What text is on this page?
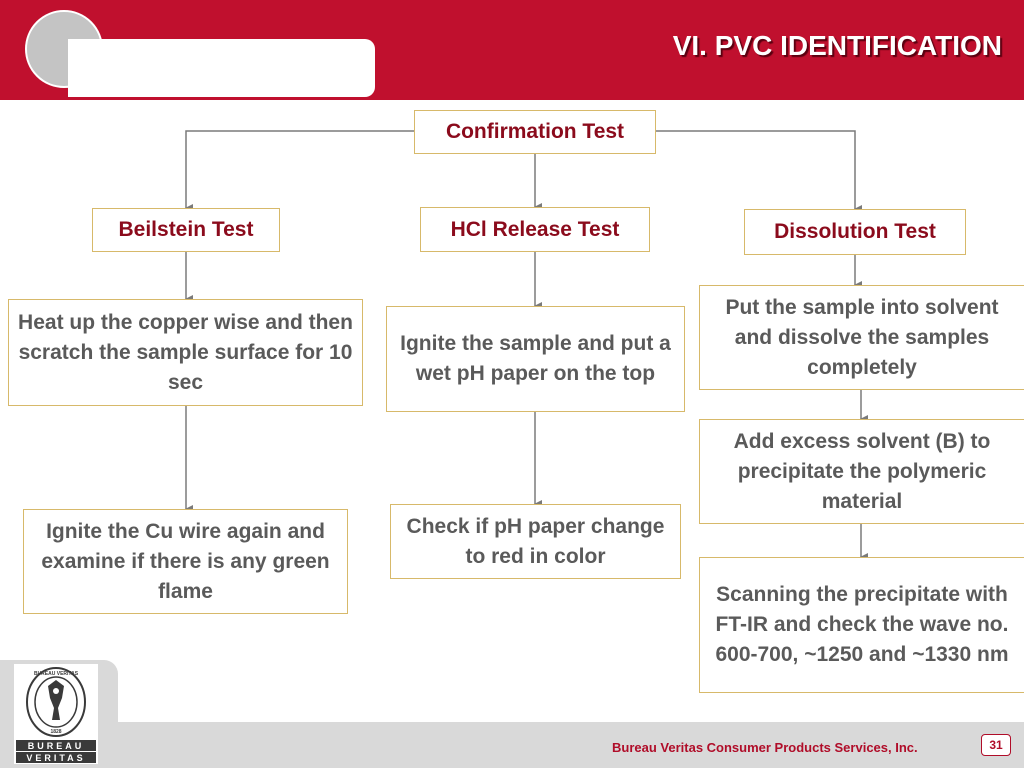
VI. PVC IDENTIFICATION
Confirmation Test
Beilstein Test	HCl Release Test	Dissolution Test
Heat up the copper wise and then scratch the sample surface for 10 sec
Ignite the Cu wire again and examine if there is any green flame
Ignite the sample and put a wet pH paper on the top
Check if pH paper change to red in color
Put the sample into solvent and dissolve the samples completely
Add excess solvent (B) to precipitate the polymeric material
Scanning the precipitate with FT-IR and check the wave no. 600-700, ~1250 and ~1330 nm
BUREAU VERITAS
1828
BUREAU
VERITAS
Bureau Veritas Consumer Products Services, Inc.	31
